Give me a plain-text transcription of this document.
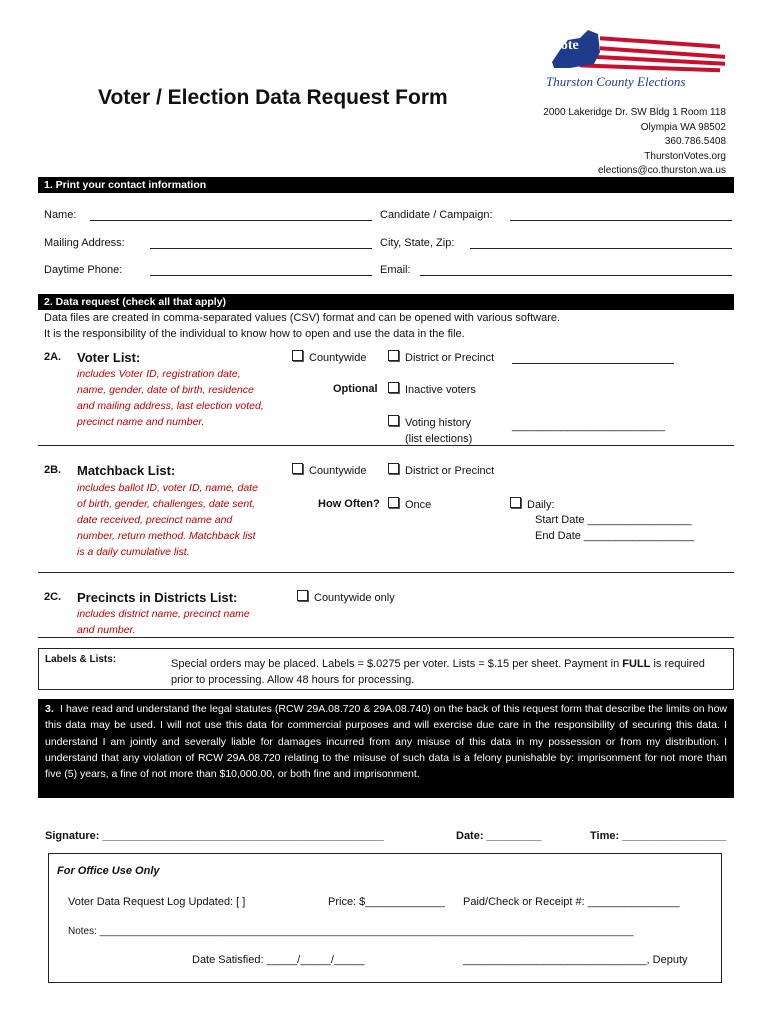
Vote
Thurston County Elections
Voter / Election Data Request Form
2000 Lakeridge Dr. SW Bldg 1 Room 118
Olympia WA 98502
360.786.5408
ThurstonVotes.org
elections@co.thurston.wa.us
1. Print your contact information
Name:	Candidate / Campaign:
Mailing Address:	City, State, Zip:
Daytime Phone:	Email:
2. Data request (check all that apply)
Data files are created in comma-separated values (CSV) format and can be opened with various software.
It is the responsibility of the individual to know how to open and use the data in the file.
2A. Voter List:
includes Voter ID, registration date,
name, gender, date of birth, residence
and mailing address, last election voted,
precinct name and number.
Countywide	District or Precinct
Optional	Inactive voters
Voting history
(list elections)
_________________________
2B. Matchback List:
includes ballot ID, voter ID, name, date
of birth, gender, challenges, date sent,
date received, precinct name and
number, return method. Matchback list
is a daily cumulative list.
Countywide	District or Precinct
How Often?	Once	Daily:
Start Date _________________
End Date __________________
2C. Precincts in Districts List:
includes district name, precinct name
and number.
Countywide only
Labels & Lists:	Special orders may be placed. Labels = $.0275 per voter. Lists = $.15 per sheet. Payment in FULL is required
prior to processing. Allow 48 hours for processing.
3. I have read and understand the legal statutes (RCW 29A.08.720 & 29A.08.740) on the back of this request form that describe the limits on how this data may be used. I will not use this data for commercial purposes and will exercise due care in the responsibility of securing this data. I understand I am jointly and severally liable for damages incurred from any misuse of this data in my possession or from my distribution. I understand that any violation of RCW 29A.08.720 relating to the misuse of such data is a felony punishable by: imprisonment for not more than five (5) years, a fine of not more than $10,000.00, or both fine and imprisonment.
Signature: ______________________________________________	Date: _________	Time: _________________
For Office Use Only
Voter Data Request Log Updated: [ ]	Price: $_____________ Paid/Check or Receipt #: _______________
Notes: ________________________________________________________________________________________________
Date Satisfied: _____/_____/_____	______________________________, Deputy
